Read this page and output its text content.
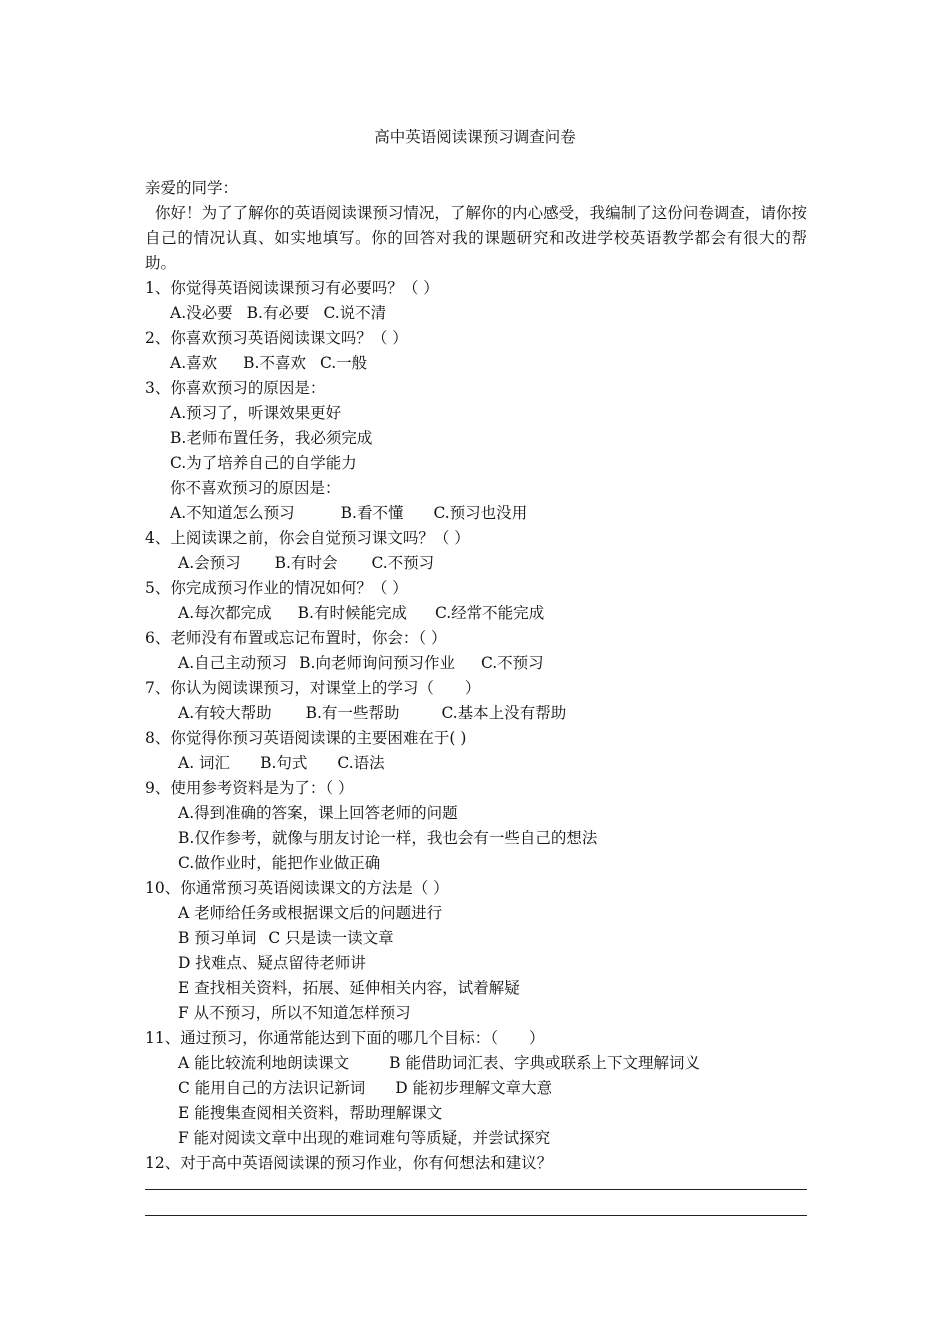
高中英语阅读课预习调查问卷
亲爱的同学：
你好！为了了解你的英语阅读课预习情况，了解你的内心感受，我编制了这份问卷调查，请你按自己的情况认真、如实地填写。你的回答对我的课题研究和改进学校英语教学都会有很大的帮助。
1、你觉得英语阅读课预习有必要吗？（ ）
A.没必要 B.有必要 C.说不清
2、你喜欢预习英语阅读课文吗？（ ）
A.喜欢 B.不喜欢 C.一般
3、你喜欢预习的原因是：
A.预习了，听课效果更好
B.老师布置任务，我必须完成
C.为了培养自己的自学能力
你不喜欢预习的原因是：
A.不知道怎么预习	B.看不懂 C.预习也没用
4、上阅读课之前，你会自觉预习课文吗？（ ）
A.会预习 B.有时会 C.不预习
5、你完成预习作业的情况如何？（ ）
A.每次都完成 B.有时候能完成 C.经常不能完成
6、老师没有布置或忘记布置时，你会：（ ）
A.自己主动预习 B.向老师询问预习作业 C.不预习
7、你认为阅读课预习，对课堂上的学习（　　）
A.有较大帮助 B.有一些帮助	C.基本上没有帮助
8、你觉得你预习英语阅读课的主要困难在于( )
A. 词汇 B.句式 C.语法
9、使用参考资料是为了：（ ）
A.得到准确的答案，课上回答老师的问题
B.仅作参考，就像与朋友讨论一样，我也会有一些自己的想法
C.做作业时，能把作业做正确
10、你通常预习英语阅读课文的方法是（ ）
A 老师给任务或根据课文后的问题进行
B 预习单词 C 只是读一读文章
D 找难点、疑点留待老师讲
E 查找相关资料，拓展、延伸相关内容，试着解疑
F 从不预习，所以不知道怎样预习
11、通过预习，你通常能达到下面的哪几个目标：（　　）
A 能比较流利地朗读课文	B 能借助词汇表、字典或联系上下文理解词义
C 能用自己的方法识记新词 D 能初步理解文章大意
E 能搜集查阅相关资料，帮助理解课文
F 能对阅读文章中出现的难词难句等质疑，并尝试探究
12、对于高中英语阅读课的预习作业，你有何想法和建议？
